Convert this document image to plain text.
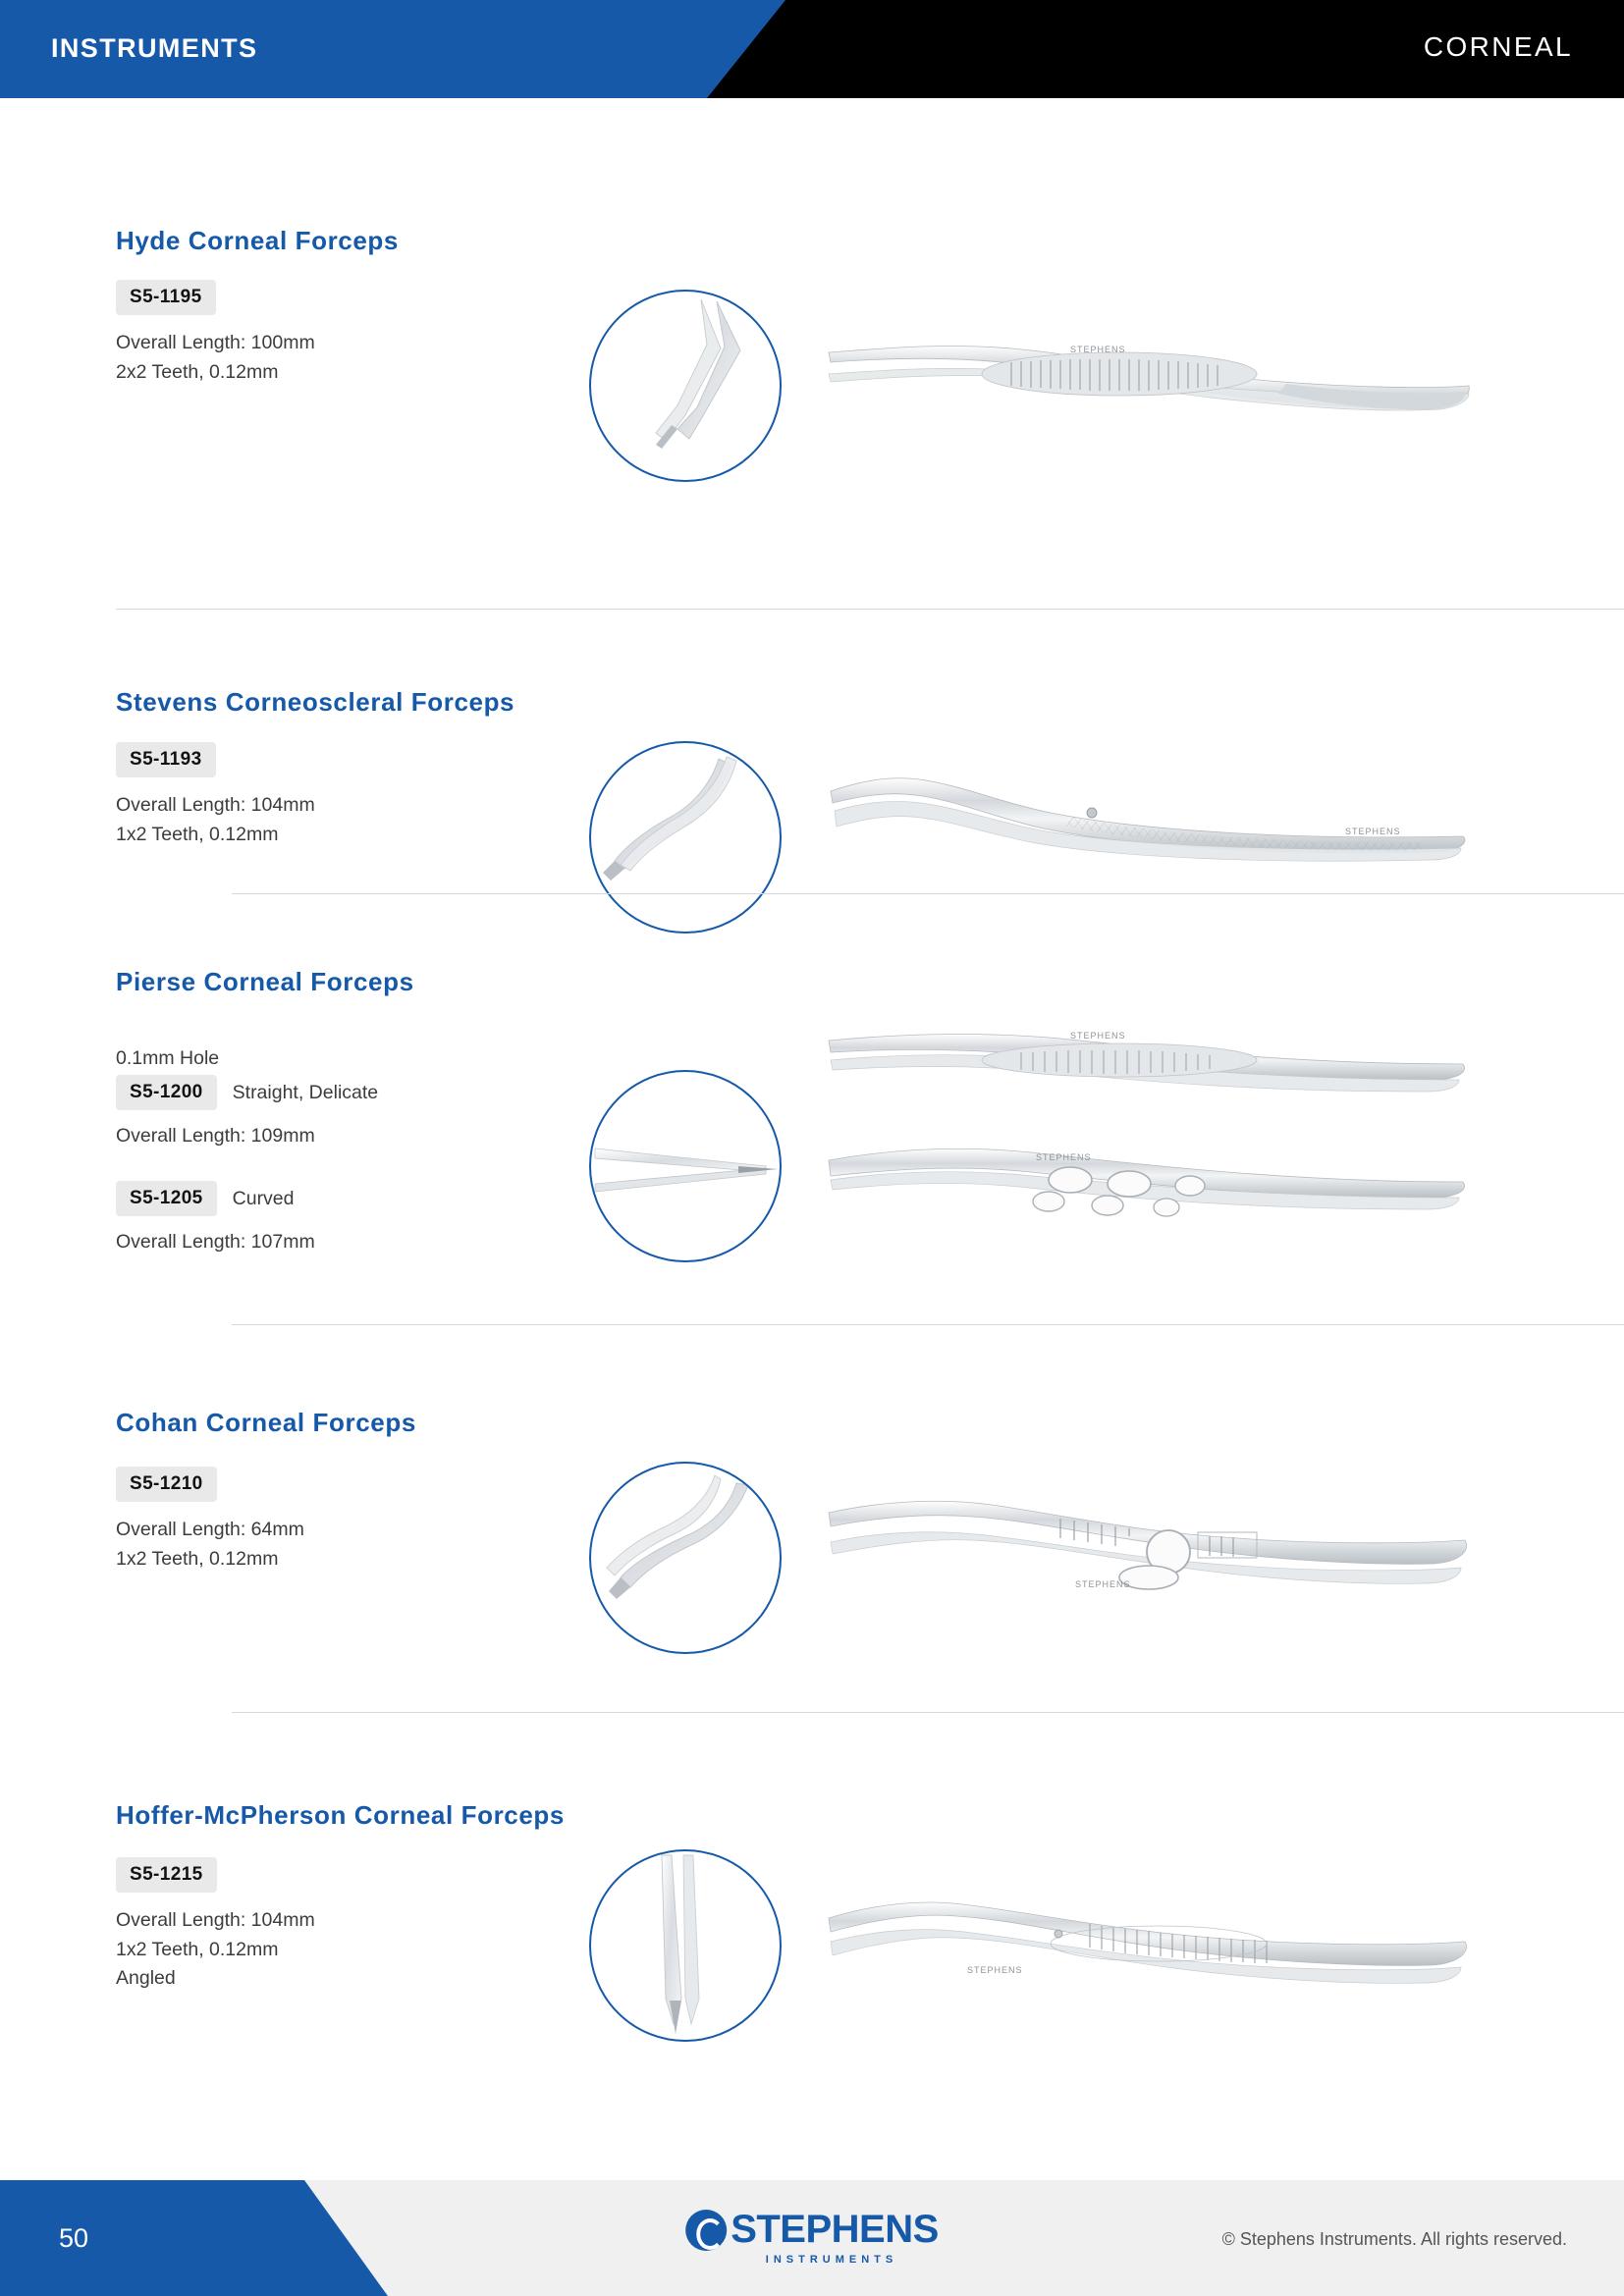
INSTRUMENTS	CORNEAL
Hyde Corneal Forceps
S5-1195
Overall Length: 100mm
2x2 Teeth, 0.12mm
STEPHENS
Stevens Corneoscleral Forceps
S5-1193
Overall Length: 104mm
1x2 Teeth, 0.12mm	STEPHENS
Pierse Corneal Forceps
0.1mm Hole
S5-1200	Straight, Delicate
Overall Length: 109mm
S5-1205	Curved
Overall Length: 107mm
STEPHENS
STEPHENS
Cohan Corneal Forceps
S5-1210
Overall Length: 64mm
1x2 Teeth, 0.12mm
STEPHENS
Hoffer-McPherson Corneal Forceps
S5-1215
Overall Length: 104mm
1x2 Teeth, 0.12mm
Angled	STEPHENS
50	STEPHENS
INSTRUMENTS
© Stephens Instruments. All rights reserved.
